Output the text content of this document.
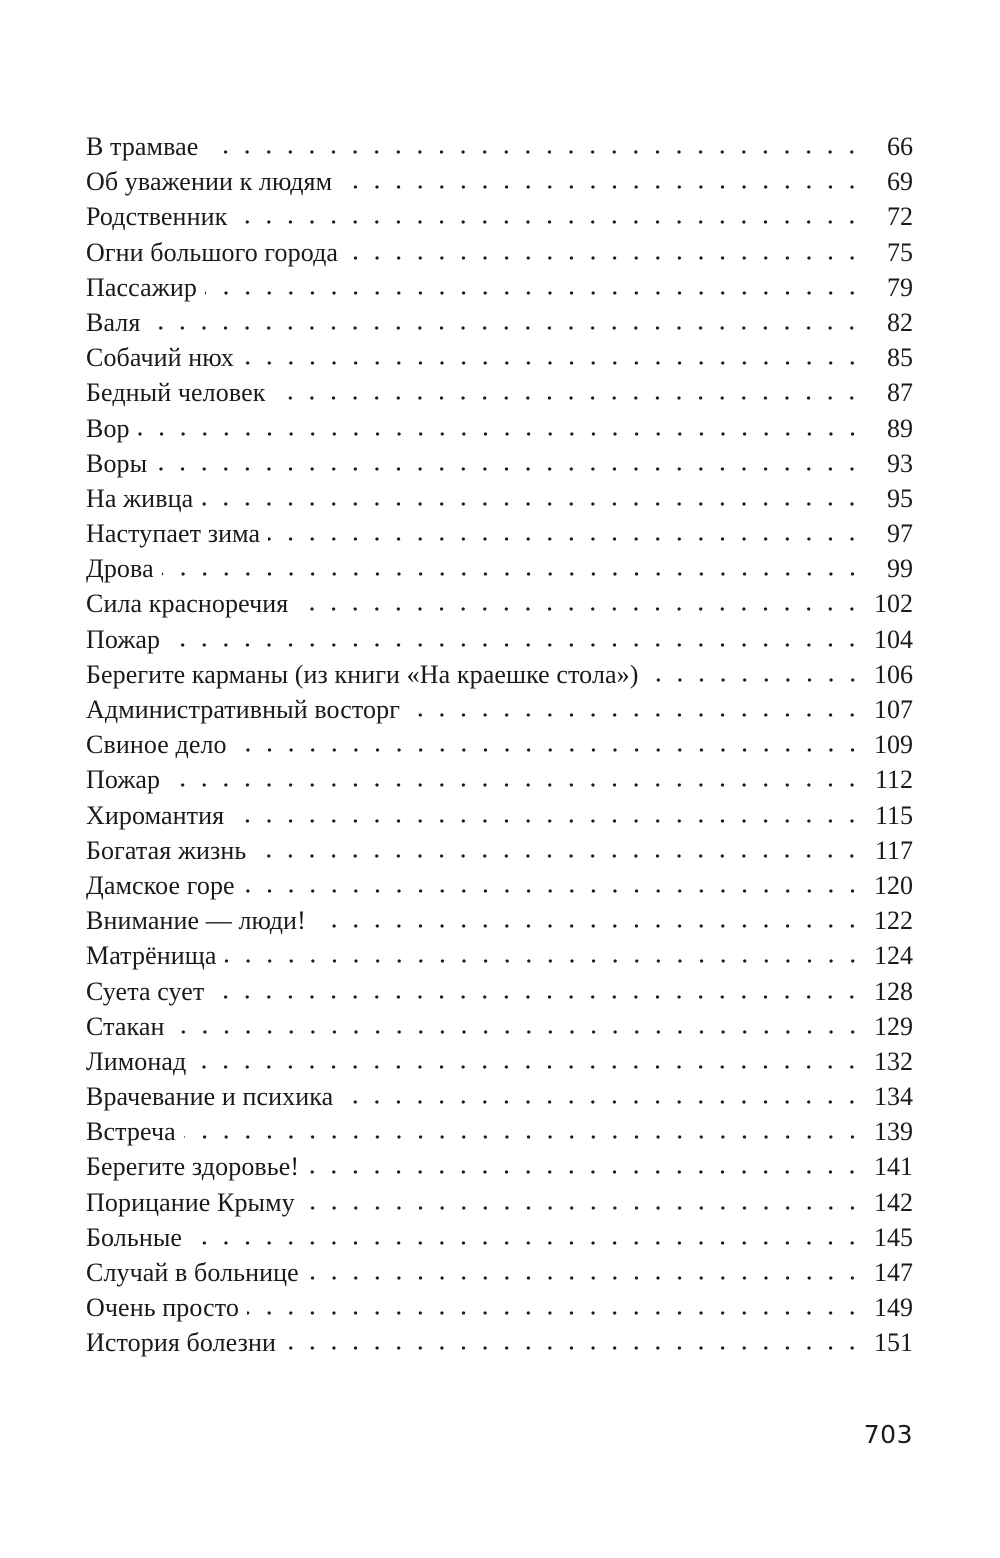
В трамвае	66
Об уважении к людям	69
Родственник	72
Огни большого города	75
Пассажир	79
Валя	82
Собачий нюх	85
Бедный человек	87
Вор	89
Воры	93
На живца	95
Наступает зима	97
Дрова	99
Сила красноречия	102
Пожар	104
Берегите карманы (из книги «На краешке стола»)	106
Административный восторг	107
Свиное дело	109
Пожар	112
Хиромантия	115
Богатая жизнь	117
Дамское горе	120
Внимание — люди!	122
Матрёнища	124
Суета сует	128
Стакан	129
Лимонад	132
Врачевание и психика	134
Встреча	139
Берегите здоровье!	141
Порицание Крыму	142
Больные	145
Случай в больнице	147
Очень просто	149
История болезни	151
703
